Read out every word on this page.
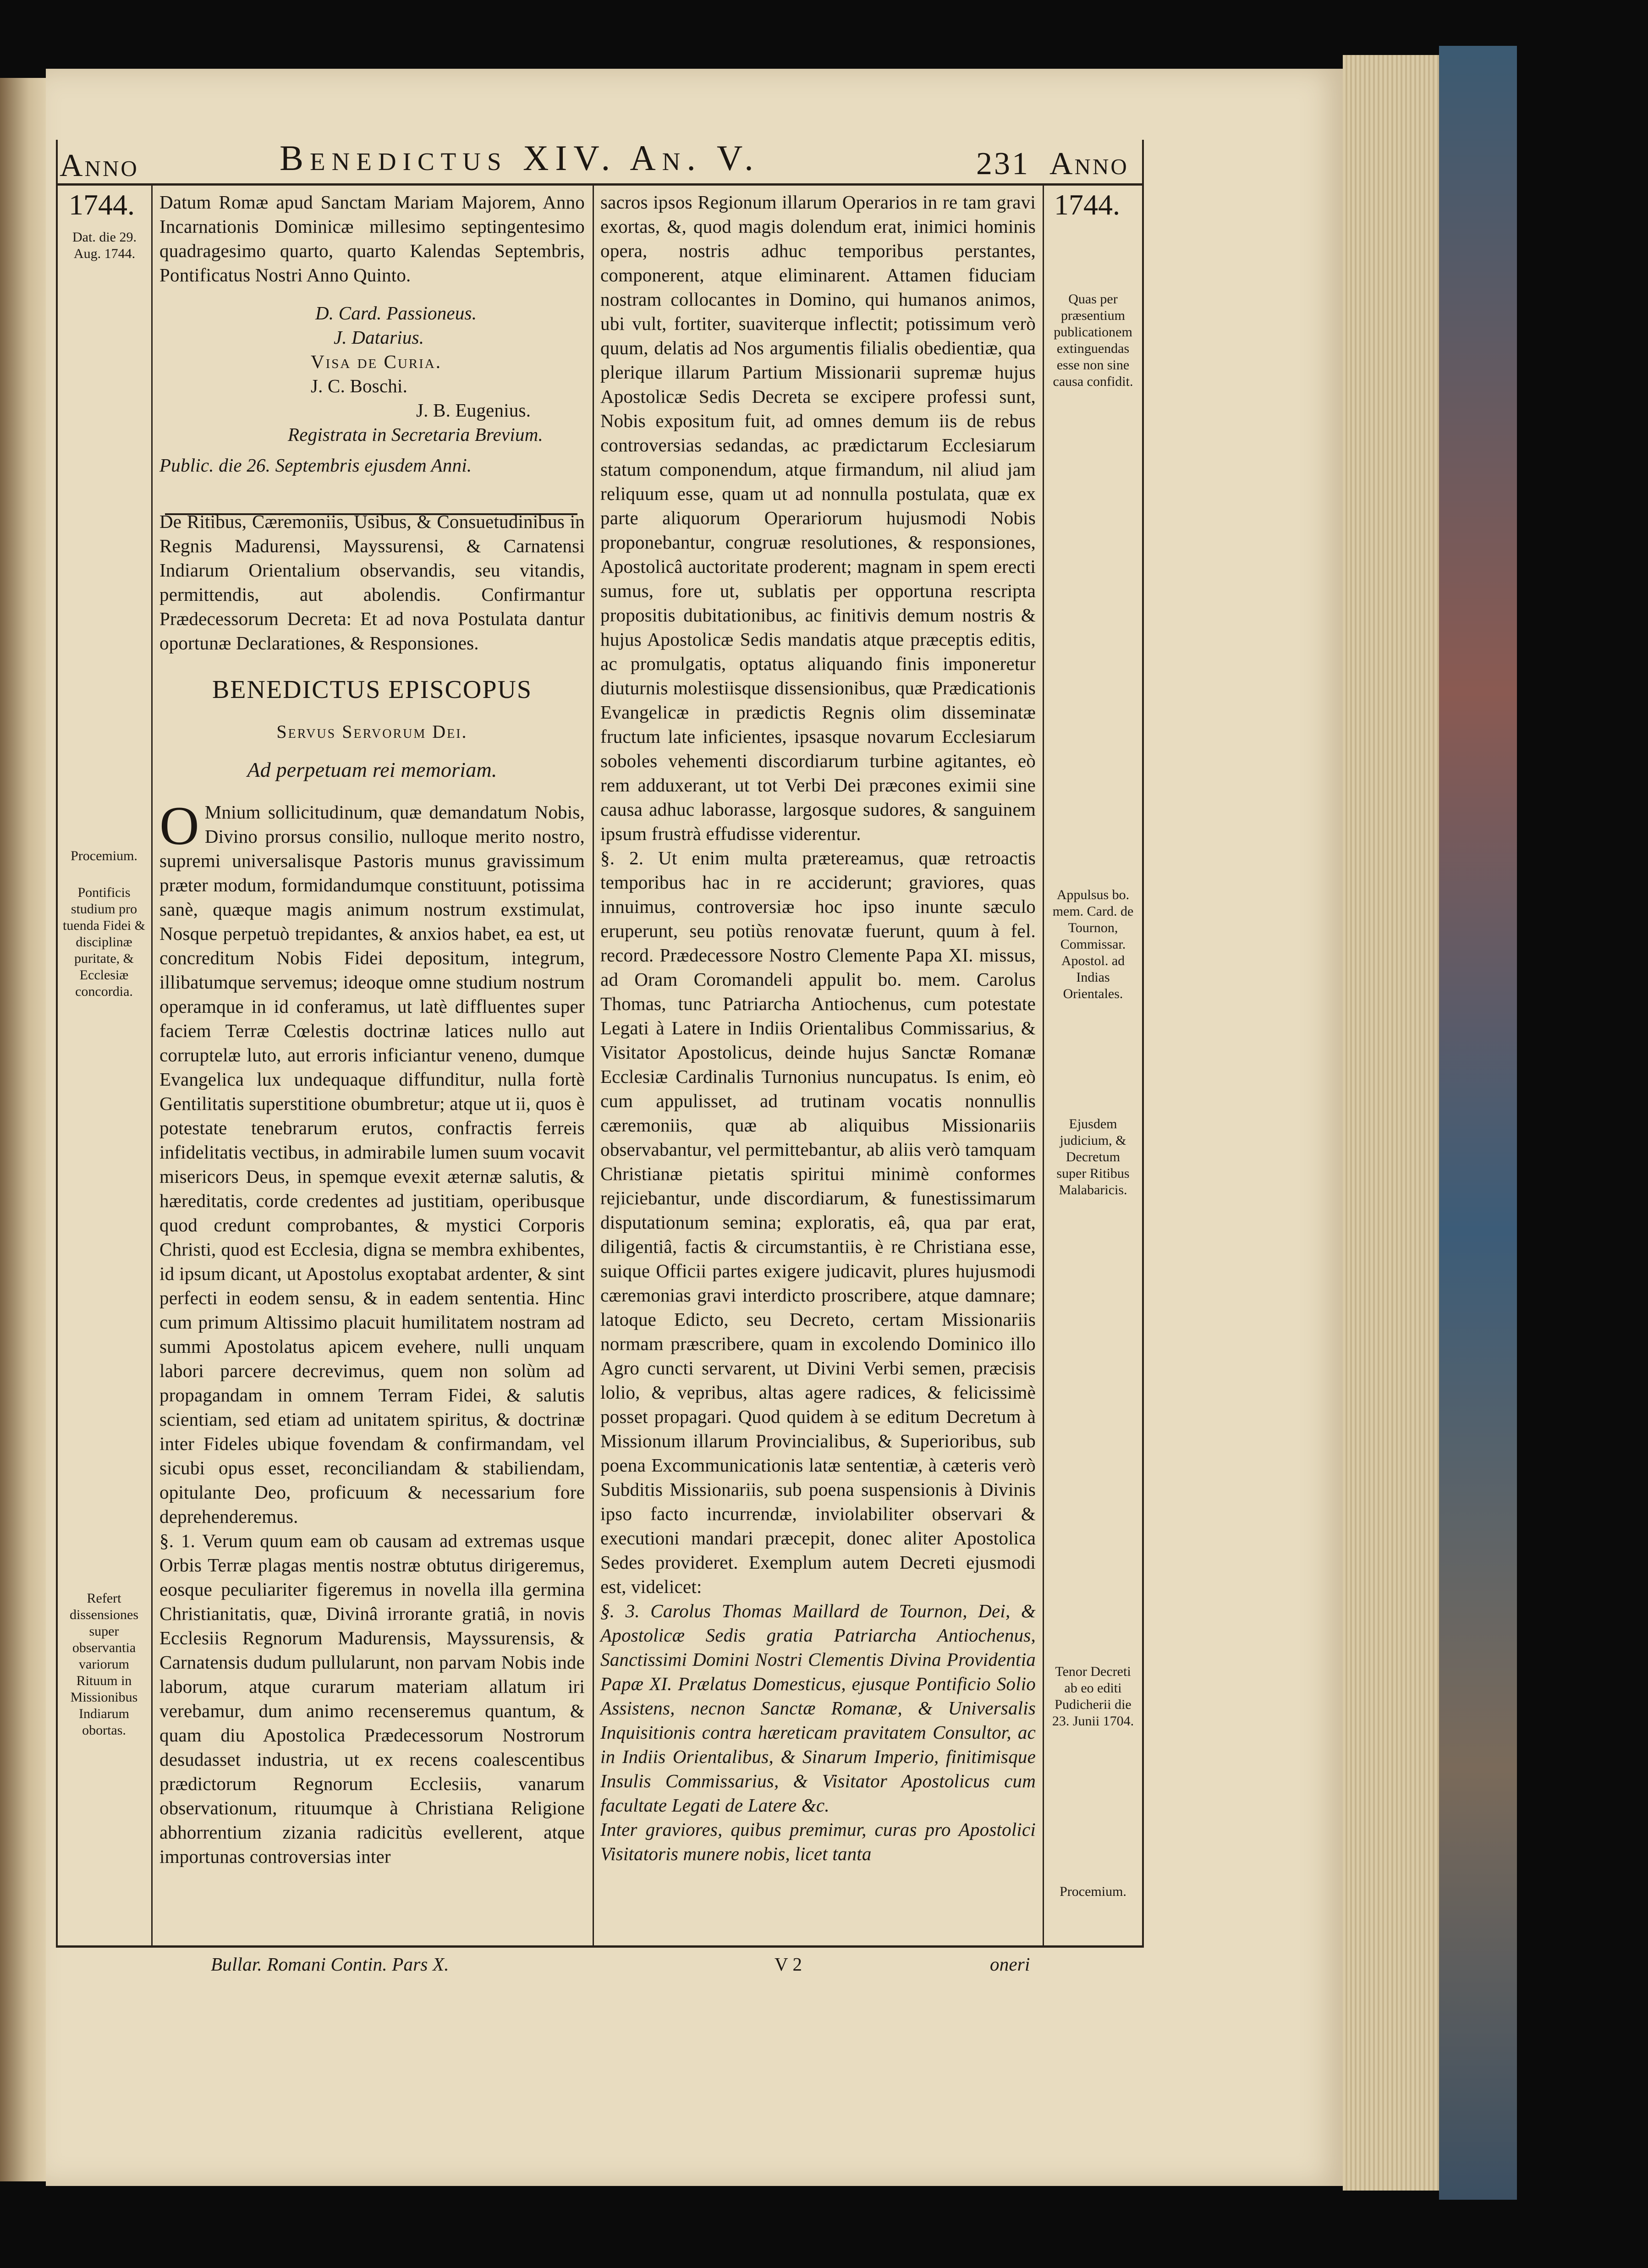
Anno	Benedictus XIV. An. V.	231 Anno
1744.	1744.
Dat. die 29. Aug. 1744.
Procemium.
Pontificis studium pro tuenda Fidei & disciplinæ puritate, & Ecclesiæ concordia.
Refert dissensiones super observantia variorum Rituum in Missionibus Indiarum obortas.
Quas per præsentium publicationem extinguendas esse non sine causa confidit.
Appulsus bo. mem. Card. de Tournon, Commissar. Apostol. ad Indias Orientales.
Ejusdem judicium, & Decretum super Ritibus Malabaricis.
Tenor Decreti ab eo editi Pudicherii die 23. Junii 1704.
Procemium.

Datum Romæ apud Sanctam Mariam Majorem, Anno Incarnationis Dominicæ millesimo septingentesimo quadragesimo quarto, quarto Kalendas Septembris, Pontificatus Nostri Anno Quinto.

D. Card. Passioneus.
J. Datarius.
Visa de Curia.
J. C. Boschi.
J. B. Eugenius.
Registrata in Secretaria Brevium.
Public. die 26. Septembris ejusdem Anni.

De Ritibus, Cæremoniis, Usibus, & Consuetudinibus in Regnis Madurensi, Mayssurensi, & Carnatensi Indiarum Orientalium observandis, seu vitandis, permittendis, aut abolendis. Confirmantur Prædecessorum Decreta: Et ad nova Postulata dantur oportunæ Declarationes, & Responsiones.

BENEDICTUS EPISCOPUS
Servus Servorum Dei.
Ad perpetuam rei memoriam.

O Mnium sollicitudinum, quæ demandatum Nobis, Divino prorsus consilio, nulloque merito nostro, supremi universalisque Pastoris munus gravissimum præter modum, formidandumque constituunt, potissima sanè, quæque magis animum nostrum exstimulat, Nosque perpetuò trepidantes, & anxios habet, ea est, ut concreditum Nobis Fidei depositum, integrum, illibatumque servemus; ideoque omne studium nostrum operamque in id conferamus, ut latè diffluentes super faciem Terræ Cœlestis doctrinæ latices nullo aut corruptelæ luto, aut erroris inficiantur veneno, dumque Evangelica lux undequaque diffunditur, nulla fortè Gentilitatis superstitione obumbretur; atque ut ii, quos è potestate tenebrarum erutos, confractis ferreis infidelitatis vectibus, in admirabile lumen suum vocavit misericors Deus, in spemque evexit æternæ salutis, & hæreditatis, corde credentes ad justitiam, operibusque quod credunt comprobantes, & mystici Corporis Christi, quod est Ecclesia, digna se membra exhibentes, id ipsum dicant, ut Apostolus exoptabat ardenter, & sint perfecti in eodem sensu, & in eadem sententia. Hinc cum primum Altissimo placuit humilitatem nostram ad summi Apostolatus apicem evehere, nulli unquam labori parcere decrevimus, quem non solùm ad propagandam in omnem Terram Fidei, & salutis scientiam, sed etiam ad unitatem spiritus, & doctrinæ inter Fideles ubique fovendam & confirmandam, vel sicubi opus esset, reconciliandam & stabiliendam, opitulante Deo, proficuum & necessarium fore deprehenderemus.

§. 1. Verum quum eam ob causam ad extremas usque Orbis Terræ plagas mentis nostræ obtutus dirigeremus, eosque peculiariter figeremus in novella illa germina Christianitatis, quæ, Divinâ irrorante gratiâ, in novis Ecclesiis Regnorum Madurensis, Mayssurensis, & Carnatensis dudum pullularunt, non parvam Nobis inde laborum, atque curarum materiam allatum iri verebamur, dum animo recenseremus quantum, & quam diu Apostolica Prædecessorum Nostrorum desudasset industria, ut ex recens coalescentibus prædictorum Regnorum Ecclesiis, vanarum observationum, rituumque à Christiana Religione abhorrentium zizania radicitùs evellerent, atque importunas controversias inter

sacros ipsos Regionum illarum Operarios in re tam gravi exortas, &, quod magis dolendum erat, inimici hominis opera, nostris adhuc temporibus perstantes, componerent, atque eliminarent. Attamen fiduciam nostram collocantes in Domino, qui humanos animos, ubi vult, fortiter, suaviterque inflectit; potissimum verò quum, delatis ad Nos argumentis filialis obedientiæ, qua plerique illarum Partium Missionarii supremæ hujus Apostolicæ Sedis Decreta se excipere professi sunt, Nobis expositum fuit, ad omnes demum iis de rebus controversias sedandas, ac prædictarum Ecclesiarum statum componendum, atque firmandum, nil aliud jam reliquum esse, quam ut ad nonnulla postulata, quæ ex parte aliquorum Operariorum hujusmodi Nobis proponebantur, congruæ resolutiones, & responsiones, Apostolicâ auctoritate proderent; magnam in spem erecti sumus, fore ut, sublatis per opportuna rescripta propositis dubitationibus, ac finitivis demum nostris & hujus Apostolicæ Sedis mandatis atque præceptis editis, ac promulgatis, optatus aliquando finis imponeretur diuturnis molestiisque dissensionibus, quæ Prædicationis Evangelicæ in prædictis Regnis olim disseminatæ fructum late inficientes, ipsasque novarum Ecclesiarum soboles vehementi discordiarum turbine agitantes, eò rem adduxerant, ut tot Verbi Dei præcones eximii sine causa adhuc laborasse, largosque sudores, & sanguinem ipsum frustrà effudisse viderentur.

§. 2. Ut enim multa prætereamus, quæ retroactis temporibus hac in re acciderunt; graviores, quas innuimus, controversiæ hoc ipso inunte sæculo eruperunt, seu potiùs renovatæ fuerunt, quum à fel. record. Prædecessore Nostro Clemente Papa XI. missus, ad Oram Coromandeli appulit bo. mem. Carolus Thomas, tunc Patriarcha Antiochenus, cum potestate Legati à Latere in Indiis Orientalibus Commissarius, & Visitator Apostolicus, deinde hujus Sanctæ Romanæ Ecclesiæ Cardinalis Turnonius nuncupatus. Is enim, eò cum appulisset, ad trutinam vocatis nonnullis cæremoniis, quæ ab aliquibus Missionariis observabantur, vel permittebantur, ab aliis verò tamquam Christianæ pietatis spiritui minimè conformes rejiciebantur, unde discordiarum, & funestissimarum disputationum semina; exploratis, eâ, qua par erat, diligentiâ, factis & circumstantiis, è re Christiana esse, suique Officii partes exigere judicavit, plures hujusmodi cæremonias gravi interdicto proscribere, atque damnare; latoque Edicto, seu Decreto, certam Missionariis normam præscribere, quam in excolendo Dominico illo Agro cuncti servarent, ut Divini Verbi semen, præcisis lolio, & vepribus, altas agere radices, & felicissimè posset propagari. Quod quidem à se editum Decretum à Missionum illarum Provincialibus, & Superioribus, sub poena Excommunicationis latæ sententiæ, à cæteris verò Subditis Missionariis, sub poena suspensionis à Divinis ipso facto incurrendæ, inviolabiliter observari & executioni mandari præcepit, donec aliter Apostolica Sedes provideret. Exemplum autem Decreti ejusmodi est, videlicet:

§. 3. Carolus Thomas Maillard de Tournon, Dei, & Apostolicæ Sedis gratia Patriarcha Antiochenus, Sanctissimi Domini Nostri Clementis Divina Providentia Papæ XI. Prælatus Domesticus, ejusque Pontificio Solio Assistens, necnon Sanctæ Romanæ, & Universalis Inquisitionis contra hæreticam pravitatem Consultor, ac in Indiis Orientalibus, & Sinarum Imperio, finitimisque Insulis Commissarius, & Visitator Apostolicus cum facultate Legati de Latere &c.

Inter graviores, quibus premimur, curas pro Apostolici Visitatoris munere nobis, licet tanta

Bullar. Romani Contin. Pars X.	V 2	oneri
